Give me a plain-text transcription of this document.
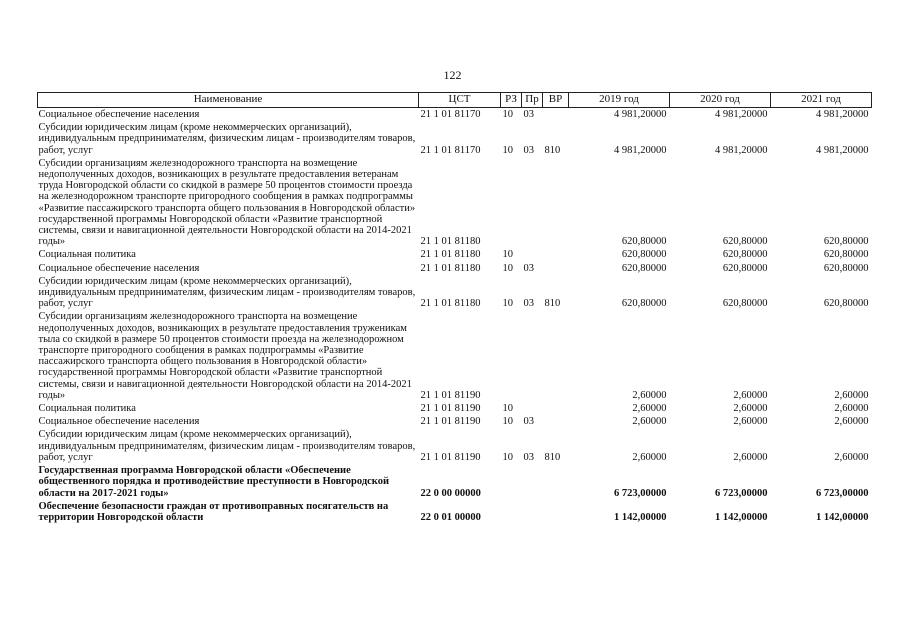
122
Наименование	ЦСТ	РЗ	Пр	ВР	2019 год	2020 год	2021 год
Социальное обеспечение населения	21 1 01 81170	10	03		4 981,20000	4 981,20000	4 981,20000
Субсидии юридическим лицам (кроме некоммерческих организаций), индивидуальным предпринимателям, физическим лицам - производителям товаров, работ, услуг	21 1 01 81170	10	03	810	4 981,20000	4 981,20000	4 981,20000
Субсидии организациям железнодорожного транспорта на возмещение недополученных доходов, возникающих в результате предоставления ветеранам труда Новгородской области со скидкой в размере 50 процентов стоимости проезда на железнодорожном транспорте пригородного сообщения в рамках подпрограммы «Развитие пассажирского транспорта общего пользования в Новгородской области» государственной программы Новгородской области «Развитие транспортной системы, связи и навигационной деятельности Новгородской области на 2014-2021 годы»	21 1 01 81180				620,80000	620,80000	620,80000
Социальная политика	21 1 01 81180	10			620,80000	620,80000	620,80000
Социальное обеспечение населения	21 1 01 81180	10	03		620,80000	620,80000	620,80000
Субсидии юридическим лицам (кроме некоммерческих организаций), индивидуальным предпринимателям, физическим лицам - производителям товаров, работ, услуг	21 1 01 81180	10	03	810	620,80000	620,80000	620,80000
Субсидии организациям железнодорожного транспорта на возмещение недополученных доходов, возникающих в результате предоставления труженикам тыла со скидкой в размере 50 процентов стоимости проезда на железнодорожном транспорте пригородного сообщения в рамках подпрограммы «Развитие пассажирского транспорта общего пользования в Новгородской области» государственной программы Новгородской области «Развитие транспортной системы, связи и навигационной деятельности Новгородской области на 2014-2021 годы»	21 1 01 81190				2,60000	2,60000	2,60000
Социальная политика	21 1 01 81190	10			2,60000	2,60000	2,60000
Социальное обеспечение населения	21 1 01 81190	10	03		2,60000	2,60000	2,60000
Субсидии юридическим лицам (кроме некоммерческих организаций), индивидуальным предпринимателям, физическим лицам - производителям товаров, работ, услуг	21 1 01 81190	10	03	810	2,60000	2,60000	2,60000
Государственная программа Новгородской области «Обеспечение общественного порядка и противодействие преступности в Новгородской области на 2017-2021 годы»	22 0 00 00000				6 723,00000	6 723,00000	6 723,00000
Обеспечение безопасности граждан от противоправных посягательств на территории Новгородской области	22 0 01 00000				1 142,00000	1 142,00000	1 142,00000
